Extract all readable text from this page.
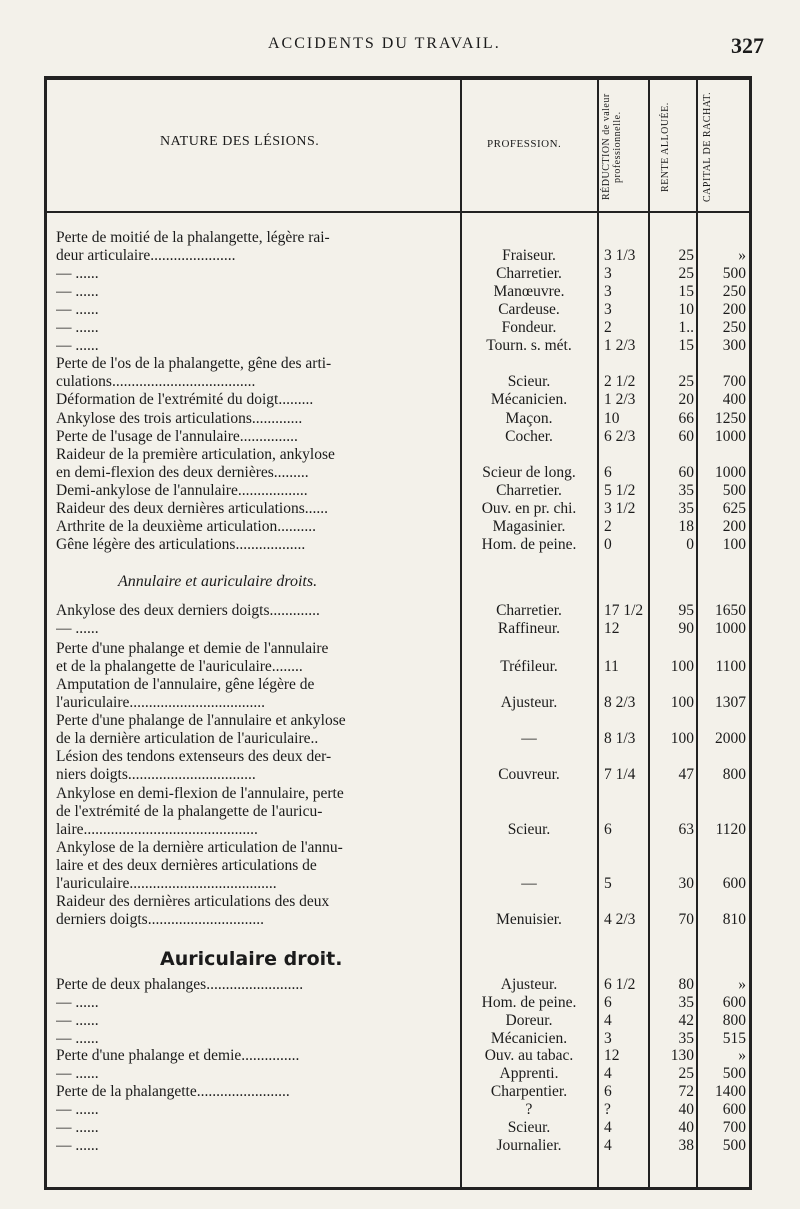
ACCIDENTS DU TRAVAIL.	327
NATURE DES LÉSIONS.	PROFESSION.	RÉDUCTION de valeur professionnelle.	RENTE ALLOUÉE.	CAPITAL DE RACHAT.
Perte de moitié de la phalangette, légère rai-
deur articulaire......................	Fraiseur.	3 1/3	25	»
— ......	Charretier.	3	25	500
— ......	Manœuvre.	3	15	250
— ......	Cardeuse.	3	10	200
— ......	Fondeur.	2	1..	250
— ......	Tourn. s. mét.	1 2/3	15	300
Perte de l'os de la phalangette, gêne des arti-
culations.....................................	Scieur.	2 1/2	25	700
Déformation de l'extrémité du doigt.........	Mécanicien.	1 2/3	20	400
Ankylose des trois articulations.............	Maçon.	10	66	1250
Perte de l'usage de l'annulaire...............	Cocher.	6 2/3	60	1000
Raideur de la première articulation, ankylose
en demi-flexion des deux dernières.........	Scieur de long.	6	60	1000
Demi-ankylose de l'annulaire..................	Charretier.	5 1/2	35	500
Raideur des deux dernières articulations......	Ouv. en pr. chi.	3 1/2	35	625
Arthrite de la deuxième articulation..........	Magasinier.	2	18	200
Gêne légère des articulations..................	Hom. de peine.	0	0	100
Annulaire et auriculaire droits.
Ankylose des deux derniers doigts.............	Charretier.	17 1/2	95	1650
— ......	Raffineur.	12	90	1000
Perte d'une phalange et demie de l'annulaire
et de la phalangette de l'auriculaire........	Tréfileur.	11	100	1100
Amputation de l'annulaire, gêne légère de
l'auriculaire...................................	Ajusteur.	8 2/3	100	1307
Perte d'une phalange de l'annulaire et ankylose
de la dernière articulation de l'auriculaire..	—	8 1/3	100	2000
Lésion des tendons extenseurs des deux der-
niers doigts.................................	Couvreur.	7 1/4	47	800
Ankylose en demi-flexion de l'annulaire, perte
de l'extrémité de la phalangette de l'auricu-
laire.............................................	Scieur.	6	63	1120
Ankylose de la dernière articulation de l'annu-
laire et des deux dernières articulations de
l'auriculaire......................................	—	5	30	600
Raideur des dernières articulations des deux
derniers doigts..............................	Menuisier.	4 2/3	70	810
Auriculaire droit.
Perte de deux phalanges.........................	Ajusteur.	6 1/2	80	»
— ......	Hom. de peine.	6	35	600
— ......	Doreur.	4	42	800
— ......	Mécanicien.	3	35	515
Perte d'une phalange et demie...............	Ouv. au tabac.	12	130	»
— ......	Apprenti.	4	25	500
Perte de la phalangette........................	Charpentier.	6	72	1400
— ......	?	?	40	600
— ......	Scieur.	4	40	700
— ......	Journalier.	4	38	500
